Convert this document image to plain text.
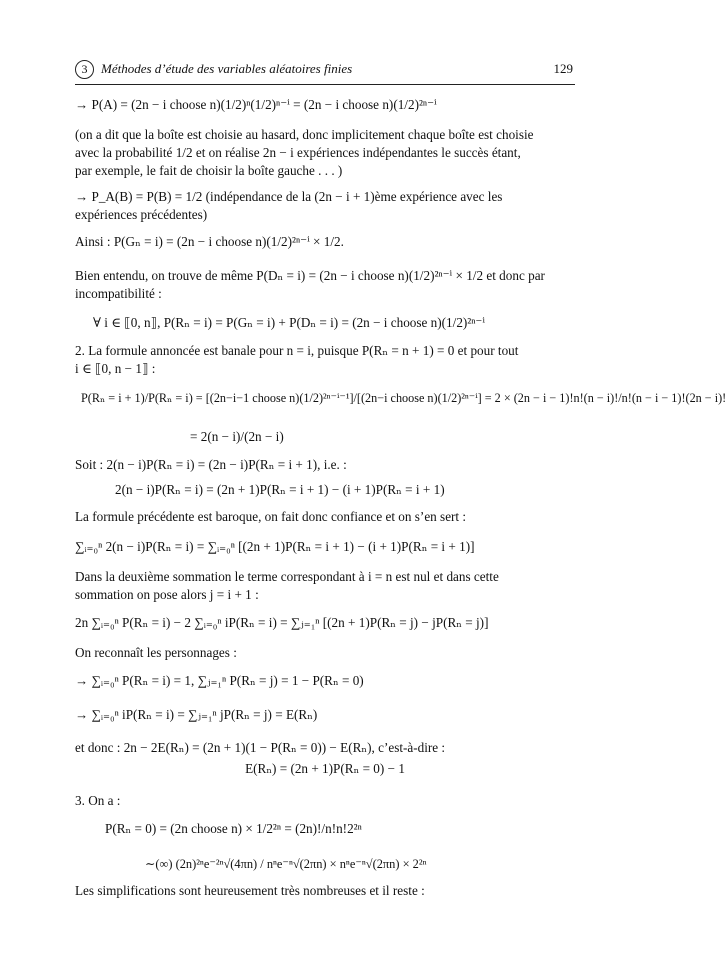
3	Méthodes d’étude des variables aléatoires finies	129
→ P(A) = (2n − i choose n)(1/2)ⁿ(1/2)ⁿ⁻ⁱ = (2n − i choose n)(1/2)²ⁿ⁻ⁱ
(on a dit que la boîte est choisie au hasard, donc implicitement chaque boîte est choisie
avec la probabilité 1/2 et on réalise 2n − i expériences indépendantes le succès étant,
par exemple, le fait de choisir la boîte gauche . . . )
→ P_A(B) = P(B) = 1/2 (indépendance de la (2n − i + 1)ème expérience avec les
expériences précédentes)
Ainsi : P(Gₙ = i) = (2n − i choose n)(1/2)²ⁿ⁻ⁱ × 1/2.
Bien entendu, on trouve de même P(Dₙ = i) = (2n − i choose n)(1/2)²ⁿ⁻ⁱ × 1/2 et donc par
incompatibilité :
∀ i ∈ ⟦0, n⟧, P(Rₙ = i) = P(Gₙ = i) + P(Dₙ = i) = (2n − i choose n)(1/2)²ⁿ⁻ⁱ
2. La formule annoncée est banale pour n = i, puisque P(Rₙ = n + 1) = 0 et pour tout
i ∈ ⟦0, n − 1⟧ :
P(Rₙ = i + 1)/P(Rₙ = i) = [(2n−i−1 choose n)(1/2)²ⁿ⁻ⁱ⁻¹]/[(2n−i choose n)(1/2)²ⁿ⁻ⁱ] = 2 × (2n − i − 1)!n!(n − i)!/n!(n − i − 1)!(2n − i)!
= 2(n − i)/(2n − i)
Soit : 2(n − i)P(Rₙ = i) = (2n − i)P(Rₙ = i + 1), i.e. :
2(n − i)P(Rₙ = i) = (2n + 1)P(Rₙ = i + 1) − (i + 1)P(Rₙ = i + 1)
La formule précédente est baroque, on fait donc confiance et on s’en sert :
∑ᵢ₌₀ⁿ 2(n − i)P(Rₙ = i) = ∑ᵢ₌₀ⁿ [(2n + 1)P(Rₙ = i + 1) − (i + 1)P(Rₙ = i + 1)]
Dans la deuxième sommation le terme correspondant à i = n est nul et dans cette
sommation on pose alors j = i + 1 :
2n ∑ᵢ₌₀ⁿ P(Rₙ = i) − 2 ∑ᵢ₌₀ⁿ iP(Rₙ = i) = ∑ⱼ₌₁ⁿ [(2n + 1)P(Rₙ = j) − jP(Rₙ = j)]
On reconnaît les personnages :
→ ∑ᵢ₌₀ⁿ P(Rₙ = i) = 1, ∑ⱼ₌₁ⁿ P(Rₙ = j) = 1 − P(Rₙ = 0)
→ ∑ᵢ₌₀ⁿ iP(Rₙ = i) = ∑ⱼ₌₁ⁿ jP(Rₙ = j) = E(Rₙ)
et donc : 2n − 2E(Rₙ) = (2n + 1)(1 − P(Rₙ = 0)) − E(Rₙ), c’est-à-dire :
E(Rₙ) = (2n + 1)P(Rₙ = 0) − 1
3. On a :
P(Rₙ = 0) = (2n choose n) × 1/2²ⁿ = (2n)!/n!n!2²ⁿ
∼(∞) (2n)²ⁿe⁻²ⁿ√(4πn) / nⁿe⁻ⁿ√(2πn) × nⁿe⁻ⁿ√(2πn) × 2²ⁿ
Les simplifications sont heureusement très nombreuses et il reste :
